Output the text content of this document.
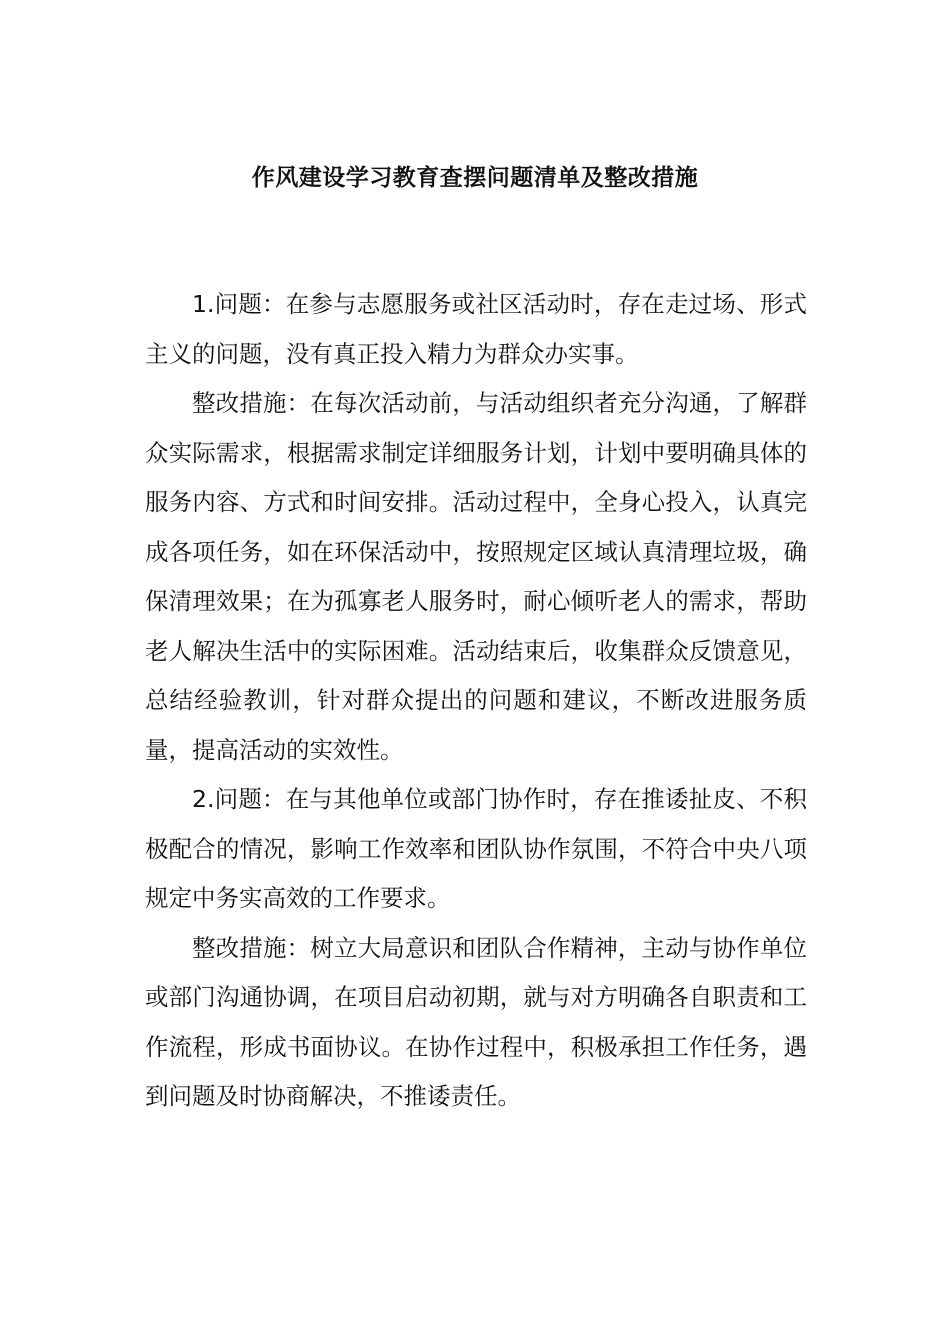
作风建设学习教育查摆问题清单及整改措施

1.问题：在参与志愿服务或社区活动时，存在走过场、形式主义的问题，没有真正投入精力为群众办实事。

整改措施：在每次活动前，与活动组织者充分沟通，了解群众实际需求，根据需求制定详细服务计划，计划中要明确具体的服务内容、方式和时间安排。活动过程中，全身心投入，认真完成各项任务，如在环保活动中，按照规定区域认真清理垃圾，确保清理效果；在为孤寡老人服务时，耐心倾听老人的需求，帮助老人解决生活中的实际困难。活动结束后，收集群众反馈意见，总结经验教训，针对群众提出的问题和建议，不断改进服务质量，提高活动的实效性。

2.问题：在与其他单位或部门协作时，存在推诿扯皮、不积极配合的情况，影响工作效率和团队协作氛围，不符合中央八项规定中务实高效的工作要求。

整改措施：树立大局意识和团队合作精神，主动与协作单位或部门沟通协调，在项目启动初期，就与对方明确各自职责和工作流程，形成书面协议。在协作过程中，积极承担工作任务，遇到问题及时协商解决，不推诿责任。
